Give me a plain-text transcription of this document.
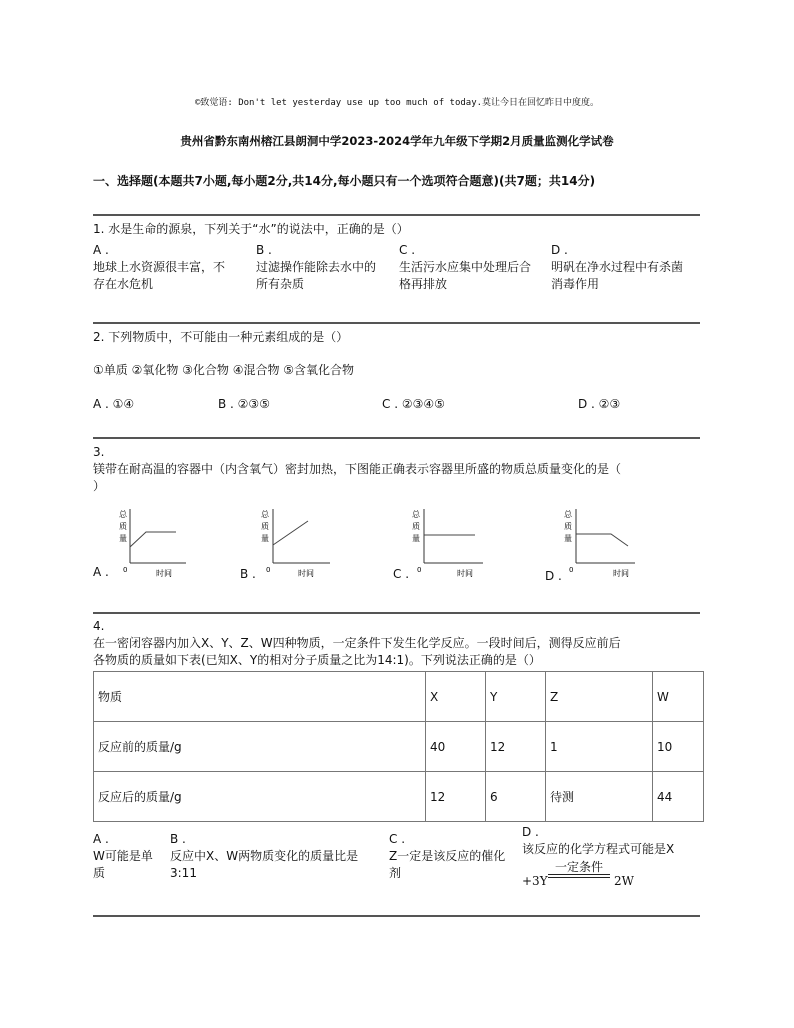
©致觉语: Don't let yesterday use up too much of today.莫让今日在回忆昨日中度度。
贵州省黔东南州榕江县朗洞中学2023-2024学年九年级下学期2月质量监测化学试卷
一、选择题(本题共7小题,每小题2分,共14分,每小题只有一个选项符合题意)(共7题；共14分)
1. 水是生命的源泉，下列关于“水”的说法中，正确的是（）
A .
地球上水资源很丰富，不
存在水危机
B .
过滤操作能除去水中的
所有杂质
C .
生活污水应集中处理后合
格再排放
D .
明矾在净水过程中有杀菌
消毒作用
2. 下列物质中，不可能由一种元素组成的是（）
①单质 ②氧化物 ③化合物 ④混合物 ⑤含氧化合物
A . ①④	B . ②③⑤	C . ②③④⑤	D . ②③
3.
镁带在耐高温的容器中（内含氧气）密封加热，下图能正确表示容器里所盛的物质总质量变化的是（
）
A .
总
质
量
0	时间	B .
总
质
量
0	时间	C .
总
质
量
0	时间	D .
总
质
量
0	时间
4.
在一密闭容器内加入X、Y、Z、W四种物质，一定条件下发生化学反应。一段时间后，测得反应前后
各物质的质量如下表(已知X、Y的相对分子质量之比为14:1)。下列说法正确的是（）
物质	X	Y	Z	W
反应前的质量/g	40	12	1	10
反应后的质量/g	12	6	待测	44
A .
W可能是单
质
B .
反应中X、W两物质变化的质量比是
3:11
C .
Z一定是该反应的催化
剂
D .
该反应的化学方程式可能是X
+3Y
一定条件
2W
